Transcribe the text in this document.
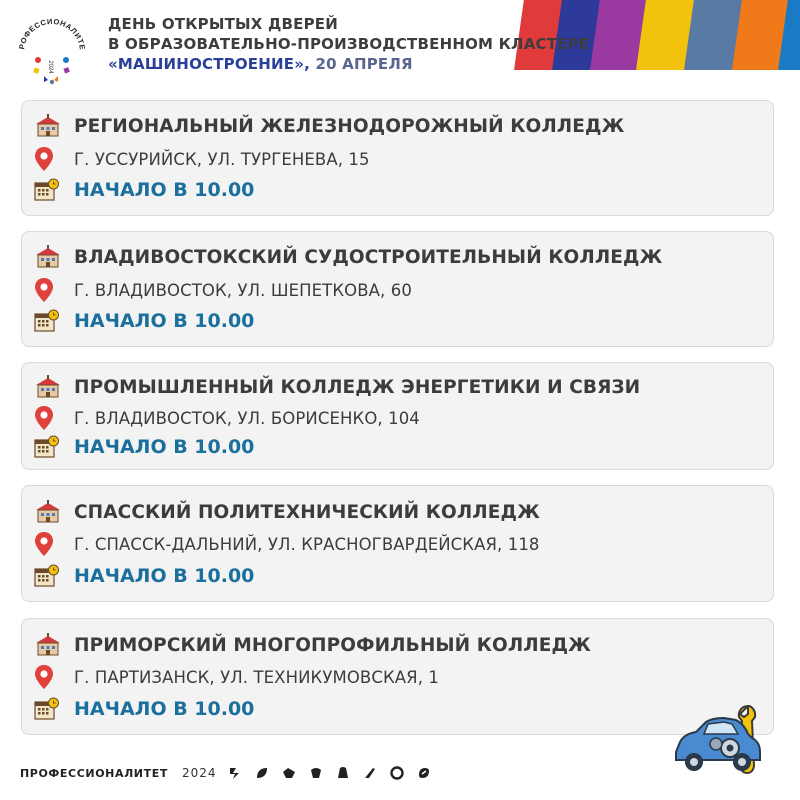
РОФЕССИОНАЛИТЕ
2024
ДЕНЬ ОТКРЫТЫХ ДВЕРЕЙ
В ОБРАЗОВАТЕЛЬНО-ПРОИЗВОДСТВЕННОМ КЛАСТЕРЕ
«МАШИНОСТРОЕНИЕ», 20 АПРЕЛЯ
РЕГИОНАЛЬНЫЙ ЖЕЛЕЗНОДОРОЖНЫЙ КОЛЛЕДЖ
Г. УССУРИЙСК, УЛ. ТУРГЕНЕВА, 15
НАЧАЛО В 10.00
ВЛАДИВОСТОКСКИЙ СУДОСТРОИТЕЛЬНЫЙ КОЛЛЕДЖ
Г. ВЛАДИВОСТОК, УЛ. ШЕПЕТКОВА, 60
НАЧАЛО В 10.00
ПРОМЫШЛЕННЫЙ КОЛЛЕДЖ ЭНЕРГЕТИКИ И СВЯЗИ
Г. ВЛАДИВОСТОК, УЛ. БОРИСЕНКО, 104
НАЧАЛО В 10.00
СПАССКИЙ ПОЛИТЕХНИЧЕСКИЙ КОЛЛЕДЖ
Г. СПАССК-ДАЛЬНИЙ, УЛ. КРАСНОГВАРДЕЙСКАЯ, 118
НАЧАЛО В 10.00
ПРИМОРСКИЙ МНОГОПРОФИЛЬНЫЙ КОЛЛЕДЖ
Г. ПАРТИЗАНСК, УЛ. ТЕХНИКУМОВСКАЯ, 1
НАЧАЛО В 10.00
ПРОФЕССИОНАЛИТЕТ 2024
